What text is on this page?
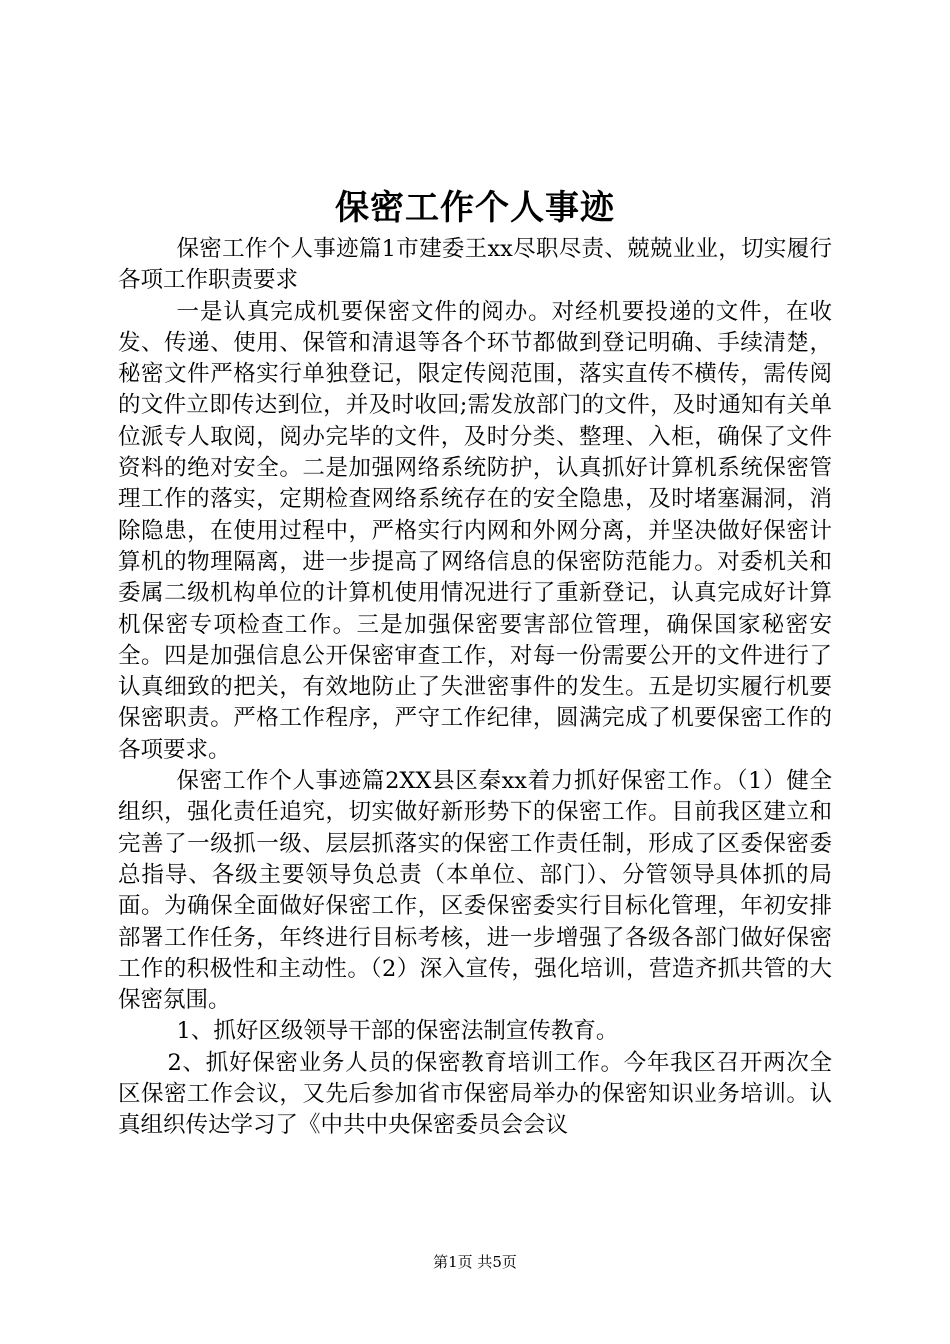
保密工作个人事迹

保密工作个人事迹篇1市建委王xx尽职尽责、兢兢业业，切实履行各项工作职责要求

一是认真完成机要保密文件的阅办。对经机要投递的文件，在收发、传递、使用、保管和清退等各个环节都做到登记明确、手续清楚，秘密文件严格实行单独登记，限定传阅范围，落实直传不横传，需传阅的文件立即传达到位，并及时收回;需发放部门的文件，及时通知有关单位派专人取阅，阅办完毕的文件，及时分类、整理、入柜，确保了文件资料的绝对安全。二是加强网络系统防护，认真抓好计算机系统保密管理工作的落实，定期检查网络系统存在的安全隐患，及时堵塞漏洞，消除隐患，在使用过程中，严格实行内网和外网分离，并坚决做好保密计算机的物理隔离，进一步提高了网络信息的保密防范能力。对委机关和委属二级机构单位的计算机使用情况进行了重新登记，认真完成好计算机保密专项检查工作。三是加强保密要害部位管理，确保国家秘密安全。四是加强信息公开保密审查工作，对每一份需要公开的文件进行了认真细致的把关，有效地防止了失泄密事件的发生。五是切实履行机要保密职责。严格工作程序，严守工作纪律，圆满完成了机要保密工作的各项要求。

保密工作个人事迹篇2XX县区秦xx着力抓好保密工作。（1）健全组织，强化责任追究，切实做好新形势下的保密工作。目前我区建立和完善了一级抓一级、层层抓落实的保密工作责任制，形成了区委保密委总指导、各级主要领导负总责（本单位、部门）、分管领导具体抓的局面。为确保全面做好保密工作，区委保密委实行目标化管理，年初安排部署工作任务，年终进行目标考核，进一步增强了各级各部门做好保密工作的积极性和主动性。（2）深入宣传，强化培训，营造齐抓共管的大保密氛围。

1、抓好区级领导干部的保密法制宣传教育。

2、抓好保密业务人员的保密教育培训工作。今年我区召开两次全区保密工作会议，又先后参加省市保密局举办的保密知识业务培训。认真组织传达学习了《中共中央保密委员会会议

第1页 共5页
